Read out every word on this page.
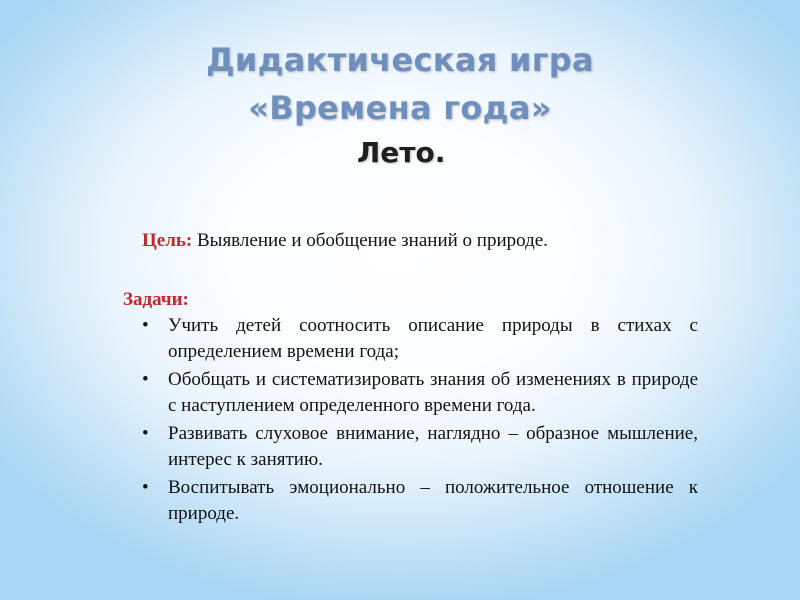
Дидактическая игра
«Времена года»
Лето.
Цель: Выявление и обобщение знаний о природе.
Задачи:
• Учить детей соотносить описание природы в стихах с определением времени года;
• Обобщать и систематизировать знания об изменениях в природе с наступлением определенного времени года.
• Развивать слуховое внимание, наглядно – образное мышление, интерес к занятию.
• Воспитывать эмоционально – положительное отношение к природе.
